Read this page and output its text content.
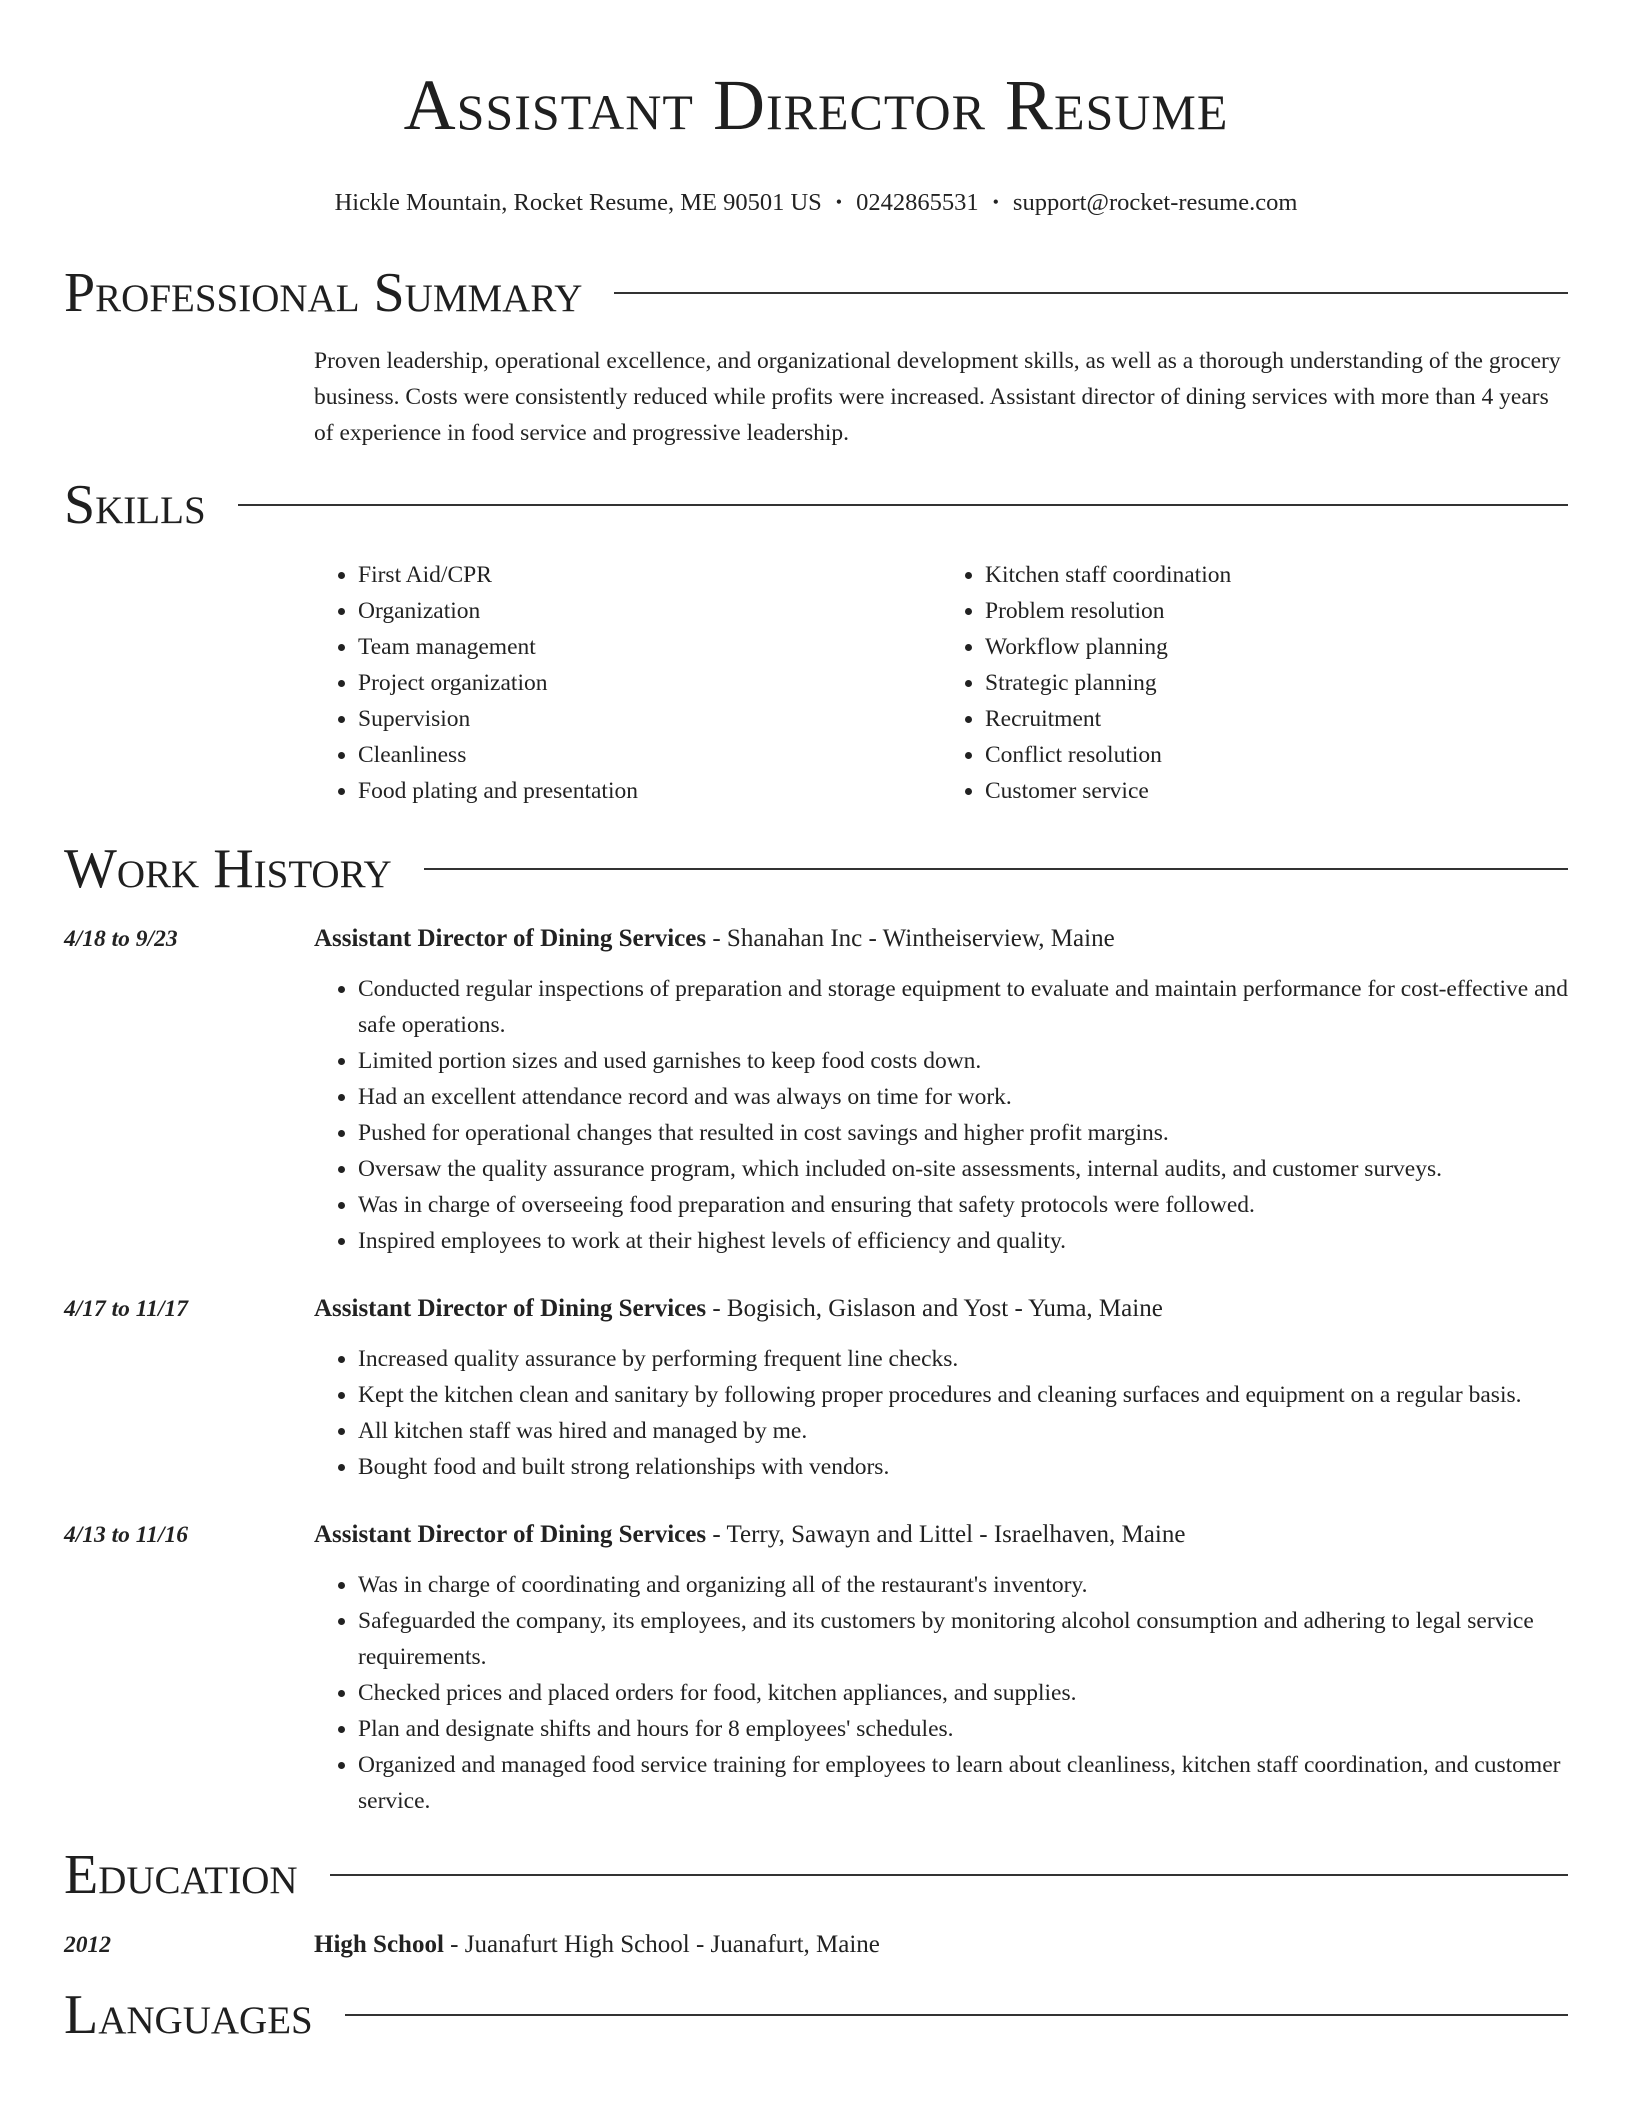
Assistant Director Resume
Hickle Mountain, Rocket Resume, ME 90501 US • 0242865531 • support@rocket-resume.com
Professional Summary

Proven leadership, operational excellence, and organizational development skills, as well as a thorough understanding of the grocery business. Costs were consistently reduced while profits were increased. Assistant director of dining services with more than 4 years of experience in food service and progressive leadership.

Skills
• First Aid/CPR
• Organization
• Team management
• Project organization
• Supervision
• Cleanliness
• Food plating and presentation
• Kitchen staff coordination
• Problem resolution
• Workflow planning
• Strategic planning
• Recruitment
• Conflict resolution
• Customer service
Work History
4/18 to 9/23	Assistant Director of Dining Services - Shanahan Inc - Wintheiserview, Maine
• Conducted regular inspections of preparation and storage equipment to evaluate and maintain performance for cost-effective and safe operations.
• Limited portion sizes and used garnishes to keep food costs down.
• Had an excellent attendance record and was always on time for work.
• Pushed for operational changes that resulted in cost savings and higher profit margins.
• Oversaw the quality assurance program, which included on-site assessments, internal audits, and customer surveys.
• Was in charge of overseeing food preparation and ensuring that safety protocols were followed.
• Inspired employees to work at their highest levels of efficiency and quality.
4/17 to 11/17	Assistant Director of Dining Services - Bogisich, Gislason and Yost - Yuma, Maine
• Increased quality assurance by performing frequent line checks.
• Kept the kitchen clean and sanitary by following proper procedures and cleaning surfaces and equipment on a regular basis.
• All kitchen staff was hired and managed by me.
• Bought food and built strong relationships with vendors.
4/13 to 11/16	Assistant Director of Dining Services - Terry, Sawayn and Littel - Israelhaven, Maine
• Was in charge of coordinating and organizing all of the restaurant's inventory.
• Safeguarded the company, its employees, and its customers by monitoring alcohol consumption and adhering to legal service requirements.
• Checked prices and placed orders for food, kitchen appliances, and supplies.
• Plan and designate shifts and hours for 8 employees' schedules.
• Organized and managed food service training for employees to learn about cleanliness, kitchen staff coordination, and customer service.
Education
2012	High School - Juanafurt High School - Juanafurt, Maine
Languages
